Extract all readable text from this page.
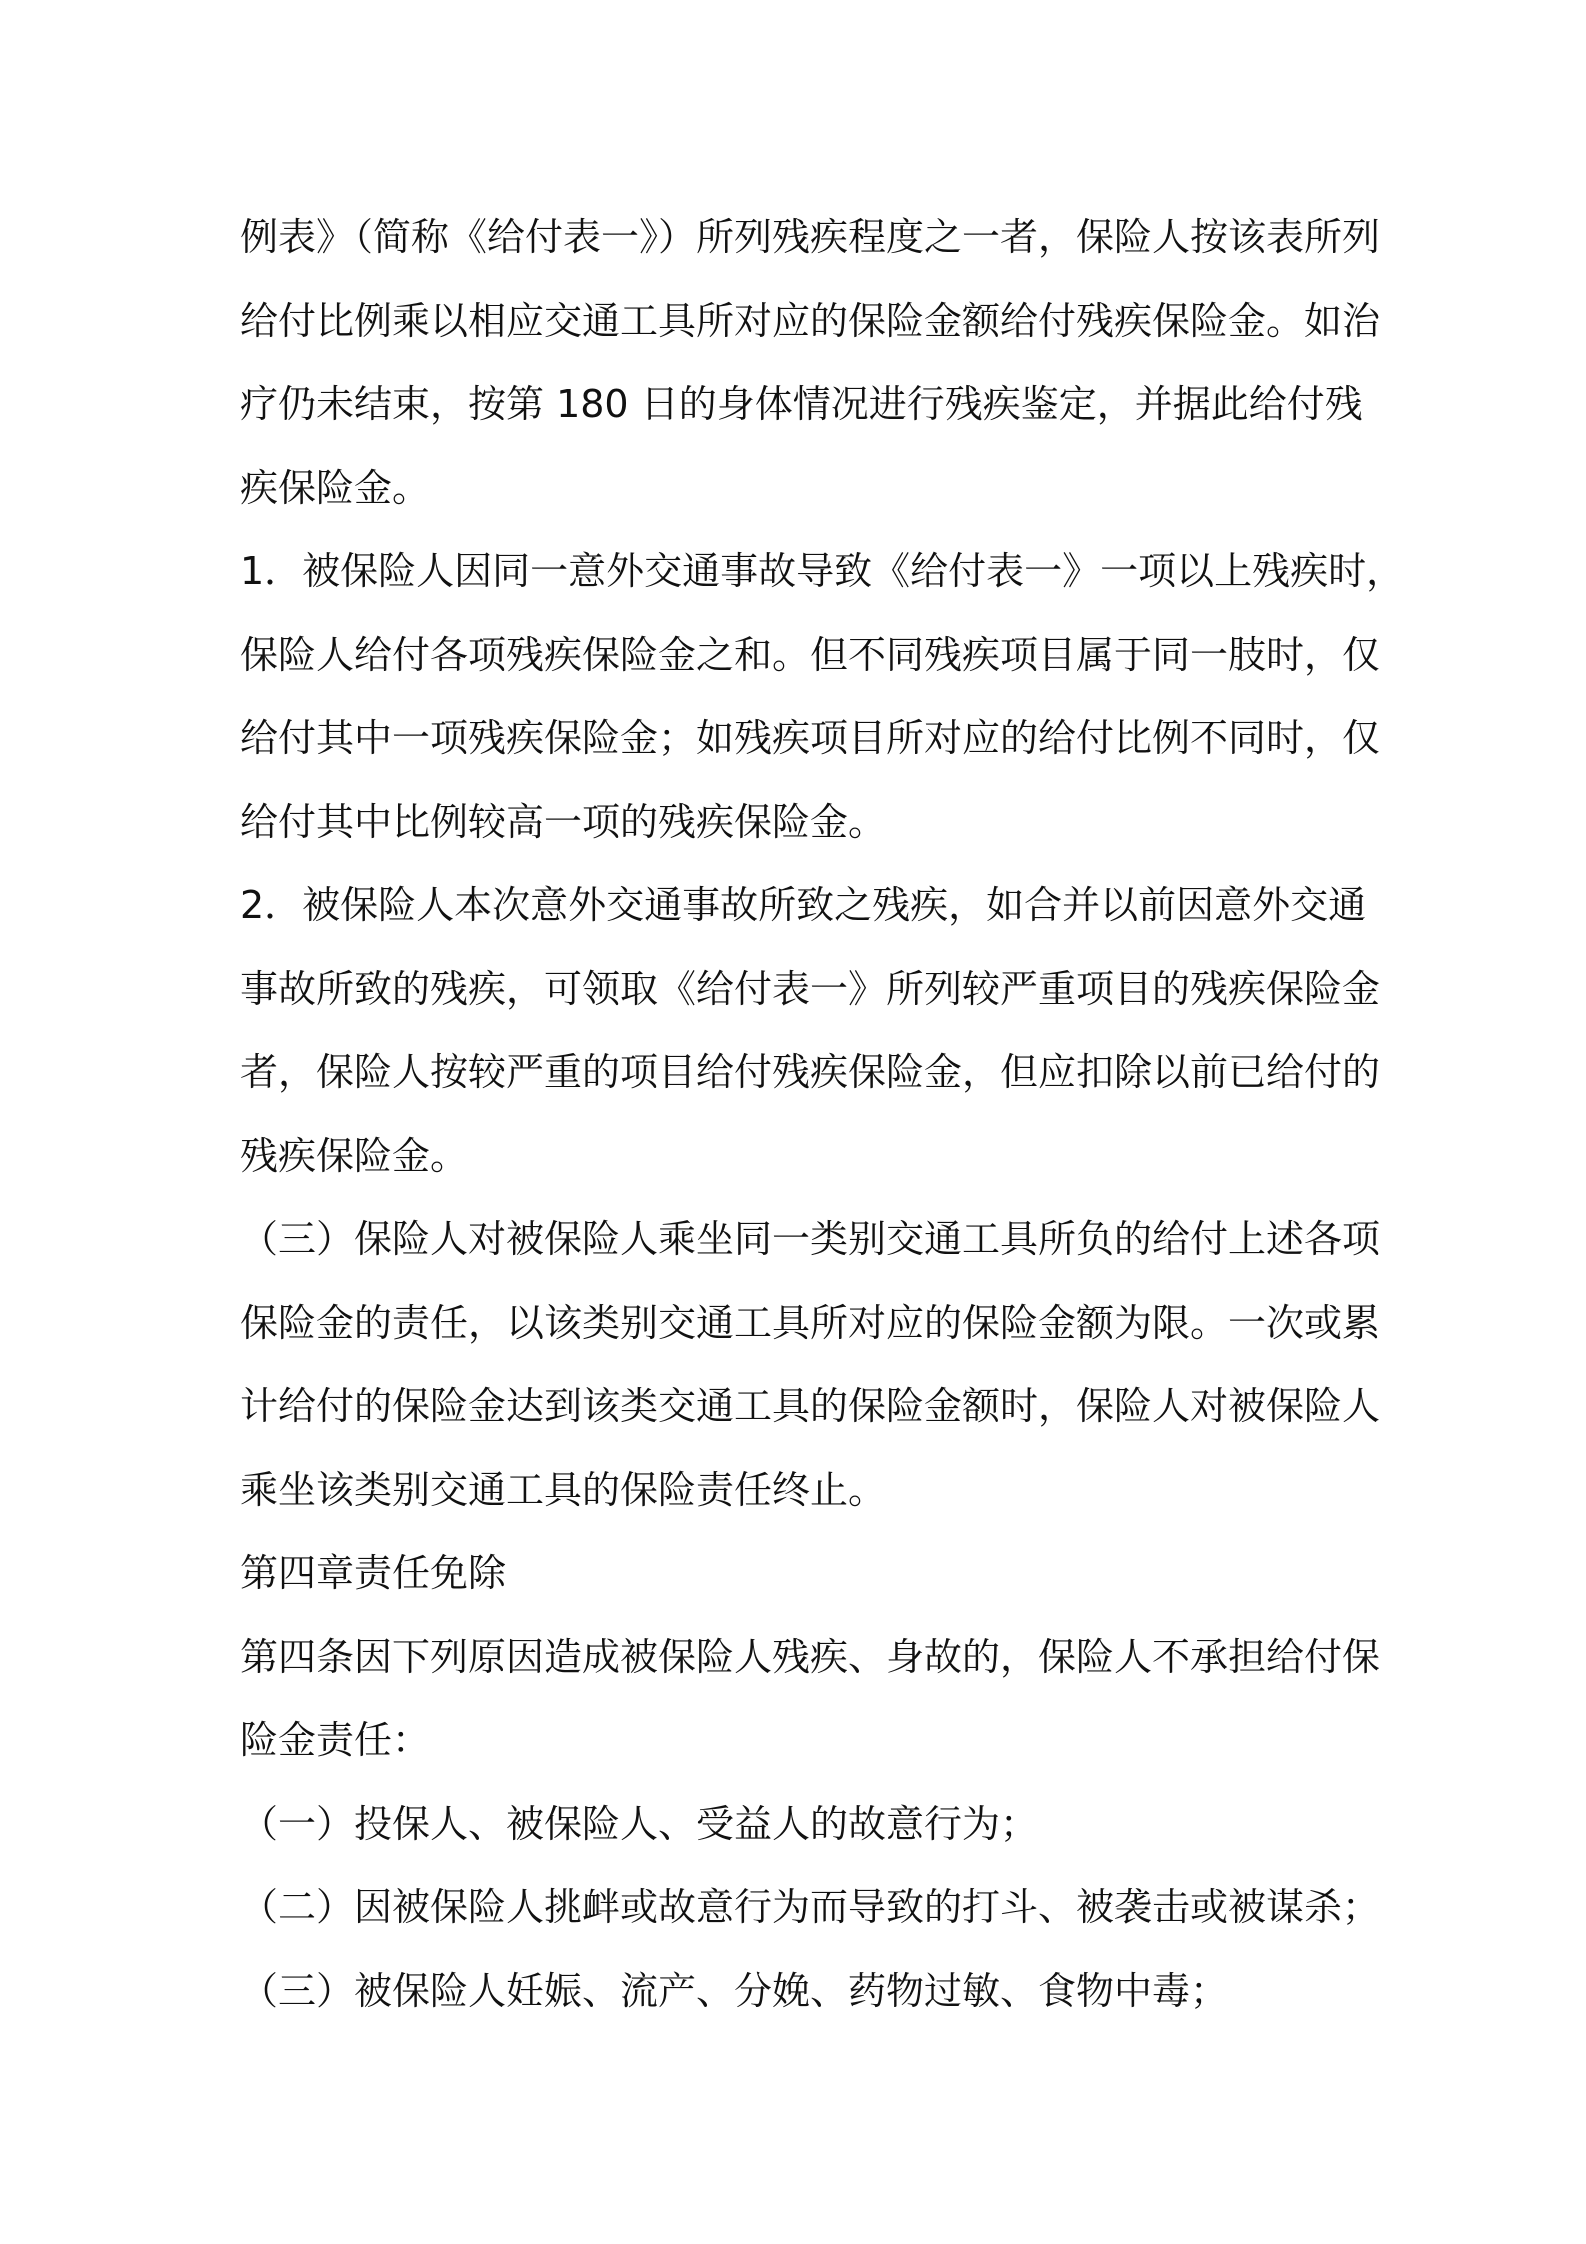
例表》（简称《给付表一》）所列残疾程度之一者，保险人按该表所列
给付比例乘以相应交通工具所对应的保险金额给付残疾保险金。如治
疗仍未结束，按第 180 日的身体情况进行残疾鉴定，并据此给付残
疾保险金。
1．被保险人因同一意外交通事故导致《给付表一》一项以上残疾时，
保险人给付各项残疾保险金之和。但不同残疾项目属于同一肢时，仅
给付其中一项残疾保险金；如残疾项目所对应的给付比例不同时，仅
给付其中比例较高一项的残疾保险金。
2．被保险人本次意外交通事故所致之残疾，如合并以前因意外交通
事故所致的残疾，可领取《给付表一》所列较严重项目的残疾保险金
者，保险人按较严重的项目给付残疾保险金，但应扣除以前已给付的
残疾保险金。
（三）保险人对被保险人乘坐同一类别交通工具所负的给付上述各项
保险金的责任，以该类别交通工具所对应的保险金额为限。一次或累
计给付的保险金达到该类交通工具的保险金额时，保险人对被保险人
乘坐该类别交通工具的保险责任终止。
第四章责任免除
第四条因下列原因造成被保险人残疾、身故的，保险人不承担给付保
险金责任：
（一）投保人、被保险人、受益人的故意行为；
（二）因被保险人挑衅或故意行为而导致的打斗、被袭击或被谋杀；
（三）被保险人妊娠、流产、分娩、药物过敏、食物中毒；
